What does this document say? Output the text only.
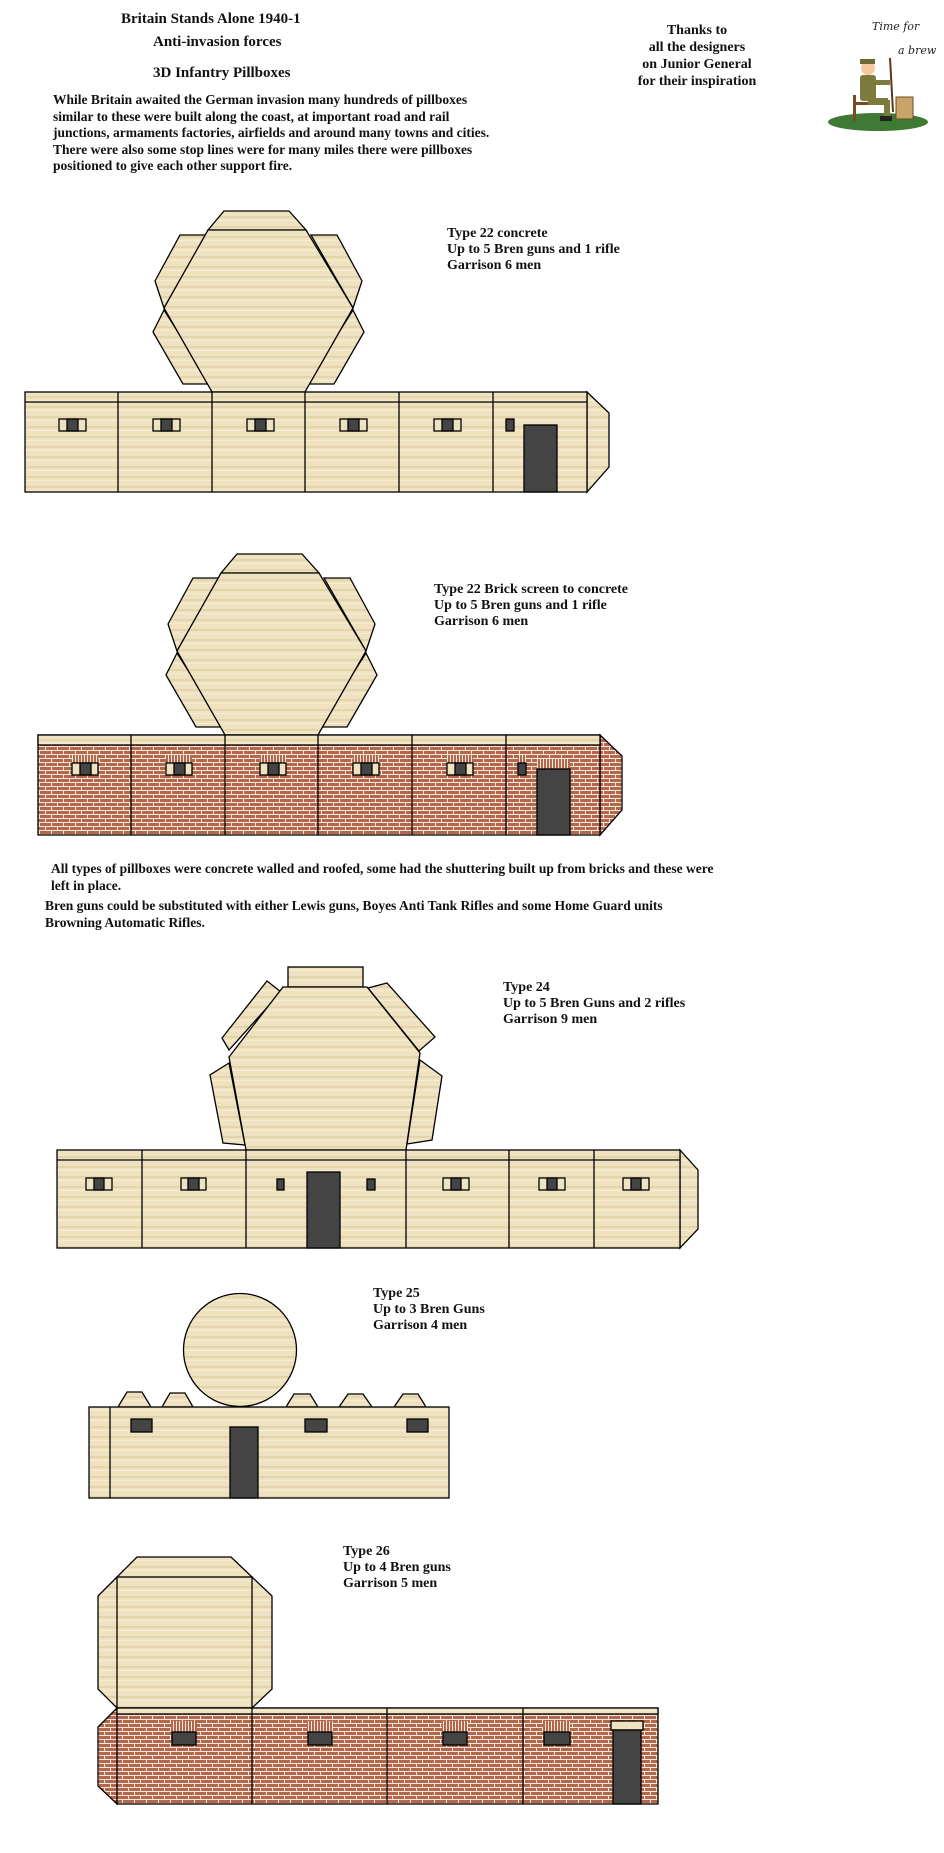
Britain Stands Alone 1940-1
Anti-invasion forces
3D Infantry Pillboxes
While Britain awaited the German invasion many hundreds of pillboxes
similar to these were built along the coast, at important road and rail
junctions, armaments factories, airfields and around many towns and cities.
There were also some stop lines were for many miles there were pillboxes
positioned to give each other support fire.
Thanks to
all the designers
on Junior General
for their inspiration
Time for
a brew
Type 22 concrete
Up to 5 Bren guns and 1 rifle
Garrison 6 men
Type 22 Brick screen to concrete
Up to 5 Bren guns and 1 rifle
Garrison 6 men
All types of pillboxes were concrete walled and roofed, some had the shuttering built up from bricks and these were
left in place.
Bren guns could be substituted with either Lewis guns, Boyes Anti Tank Rifles and some Home Guard units
Browning Automatic Rifles.
Type 24
Up to 5 Bren Guns and 2 rifles
Garrison 9 men
Type 25
Up to 3 Bren Guns
Garrison 4 men
Type 26
Up to 4 Bren guns
Garrison 5 men
